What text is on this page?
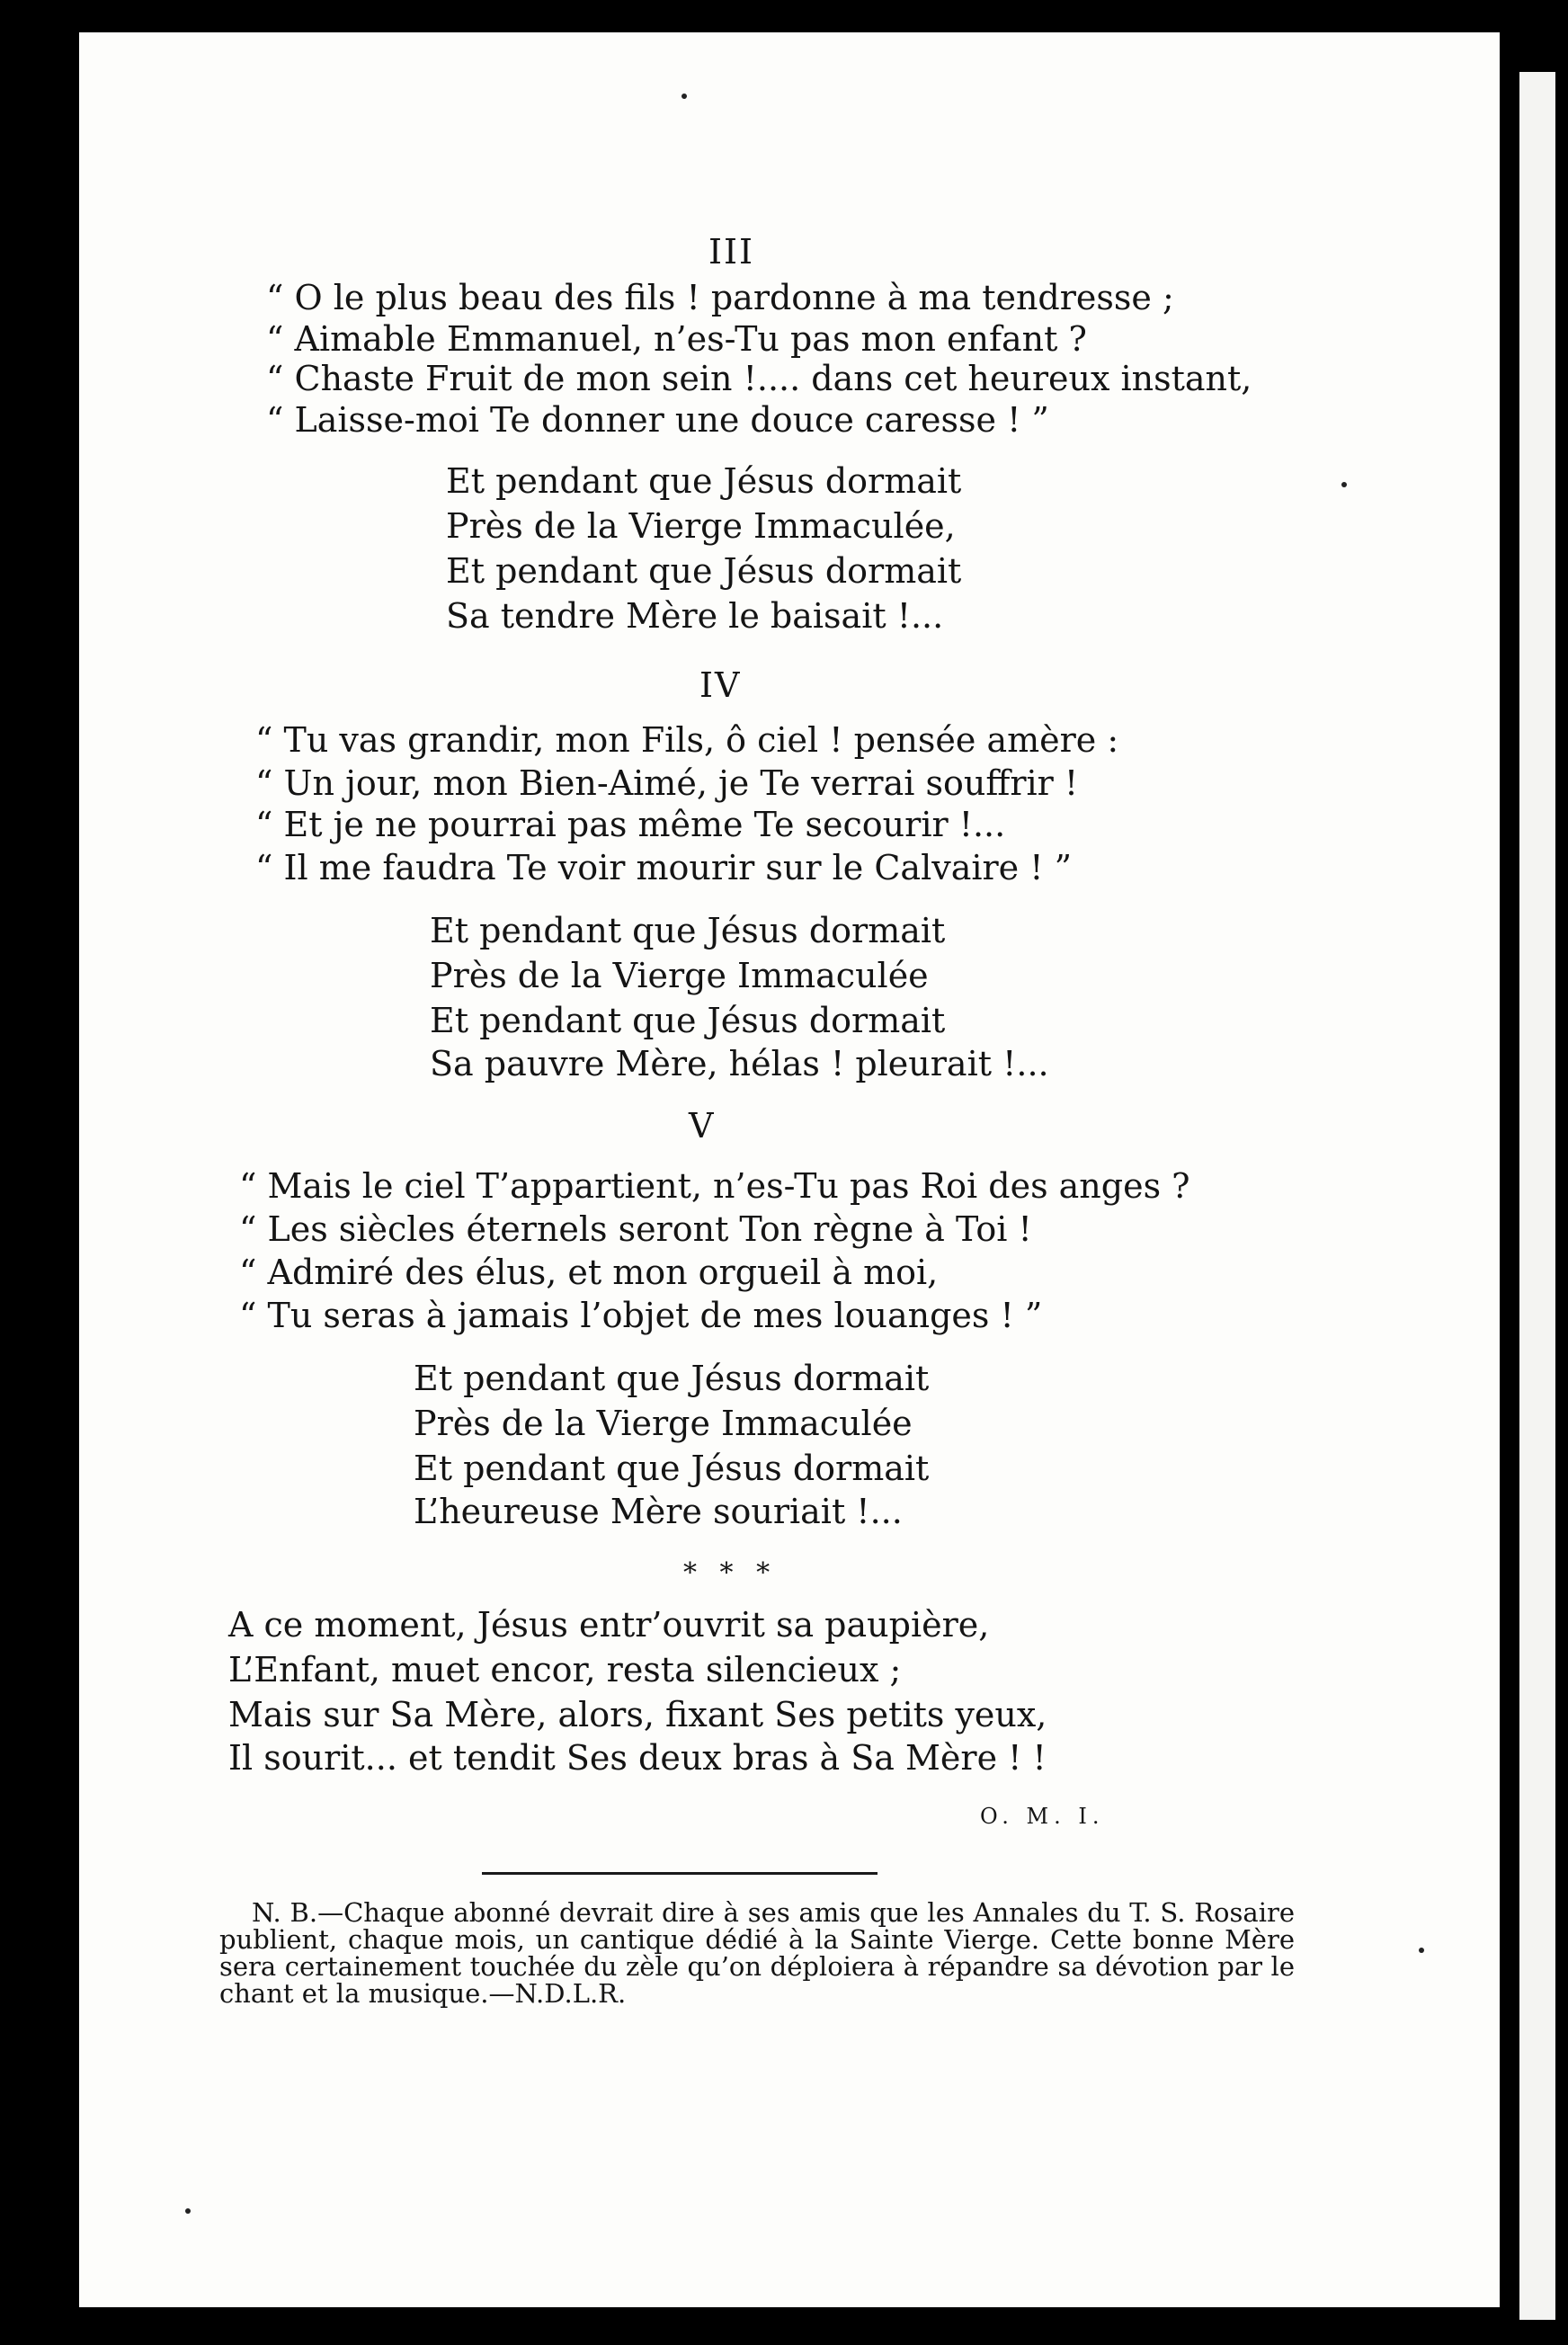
III
“ O le plus beau des fils ! pardonne à ma tendresse ;
“ Aimable Emmanuel, n’es-Tu pas mon enfant ?
“ Chaste Fruit de mon sein !.... dans cet heureux instant,
“ Laisse-moi Te donner une douce caresse ! ”
Et pendant que Jésus dormait
Près de la Vierge Immaculée,
Et pendant que Jésus dormait
Sa tendre Mère le baisait !...
IV
“ Tu vas grandir, mon Fils, ô ciel ! pensée amère :
“ Un jour, mon Bien-Aimé, je Te verrai souffrir !
“ Et je ne pourrai pas même Te secourir !...
“ Il me faudra Te voir mourir sur le Calvaire ! ”
Et pendant que Jésus dormait
Près de la Vierge Immaculée
Et pendant que Jésus dormait
Sa pauvre Mère, hélas ! pleurait !...
V
“ Mais le ciel T’appartient, n’es-Tu pas Roi des anges ?
“ Les siècles éternels seront Ton règne à Toi !
“ Admiré des élus, et mon orgueil à moi,
“ Tu seras à jamais l’objet de mes louanges ! ”
Et pendant que Jésus dormait
Près de la Vierge Immaculée
Et pendant que Jésus dormait
L’heureuse Mère souriait !...
* * *
A ce moment, Jésus entr’ouvrit sa paupière,
L’Enfant, muet encor, resta silencieux ;
Mais sur Sa Mère, alors, fixant Ses petits yeux,
Il sourit... et tendit Ses deux bras à Sa Mère ! !
O. M. I.
N. B.—Chaque abonné devrait dire à ses amis que les Annales du T. S. Rosaire publient, chaque mois, un cantique dédié à la Sainte Vierge. Cette bonne Mère sera certainement touchée du zèle qu’on déploiera à répandre sa dévotion par le chant et la musique.—N.D.L.R.
